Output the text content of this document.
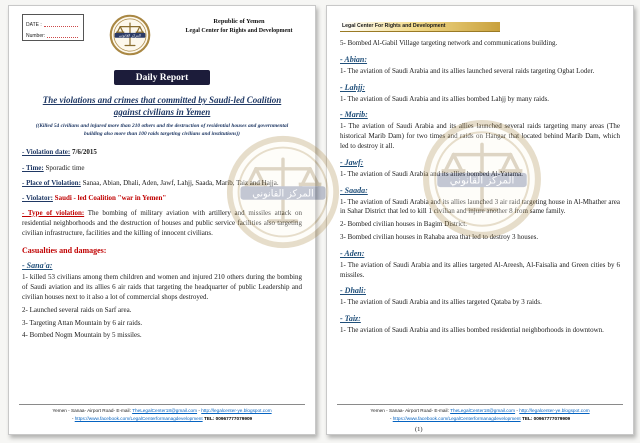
DATE :
Number:	المركز القانوني
Republic of Yemen
Legal Center for Rights and Development
Daily Report
The violations and crimes that committed by Saudi-led Coalition against civilians in Yemen
((Killed 54 civilians and injured more than 210 others and the destruction of residential houses and governmental building also more than 100 raids targeting civilians and institutions))

- Violation date: 7/6/2015

- Time: Sporadic time

- Place of Violation: Sanaa, Abian, Dhali, Aden, Jawf, Lahjj, Saada, Marib, Taiz and Hajja.

- Violator: Saudi - led Coalition "war in Yemen"

- Type of violation: The bombing of military aviation with artillery and missiles attack on residential neighborhoods and the destruction of houses and public service facilities also targeting civilian infrastructure, facilities and the killing of innocent civilians.

Casualties and damages:
- Sana'a:

1- killed 53 civilians among them children and women and injured 210 others during the bombing of Saudi aviation and its allies 6 air raids that targeting the headquarter of public Leadership and civilian houses next to it also a lot of commercial shops destroyed.

2- Launched several raids on Sarf area.

3- Targeting Attan Mountain by 6 air raids.

4- Bombed Nogm Mountain by 5 missiles.

المركز القانوني
Yemen - Sanaa- Airport Road- E-mail: TheLegalCenter18@gmail.com - http://legalcenter-ye.blogspot.com
- https://www.facebook.com/LegalCenterformanagdevelopment TEL: 00967777079909
Legal Center For Rights and Development

5- Bombed Al-Gabil Village targeting network and communications building.

- Abian:

1- The aviation of Saudi Arabia and its allies launched several raids targeting Ogbat Loder.

- Lahjj:

1- The aviation of Saudi Arabia and its allies bombed Lahjj by many raids.

- Marib:

1- The aviation of Saudi Arabia and its allies launched several raids targeting many areas (The historical Marib Dam) for two times and raids on Hangar that located behind Marib Dam, which led to destroy it all.

- Jawf:

1- The aviation of Saudi Arabia and its allies bombed Al-Yatama.

- Saada:

1- The aviation of Saudi Arabia and its allies launched 3 air raid targeting house in Al-Mhather area in Sahar District that led to kill 1 civilian and injure another 8 from same family.

2- Bombed civilian houses in Bagim District.

3- Bombed civilian houses in Rahaba area that led to destroy 3 houses.

- Aden:

1- The aviation of Saudi Arabia and its allies targeted Al-Areesh, Al-Faisalia and Green cities by 6 missiles.

- Dhali:

1- The aviation of Saudi Arabia and its allies targeted Qataba by 3 raids.

- Taiz:

1- The aviation of Saudi Arabia and its allies bombed residential neighborhoods in downtown.

المركز القانوني
Yemen - Sanaa- Airport Road- E-mail: TheLegalCenter18@gmail.com - http://legalcenter-ye.blogspot.com
- https://www.facebook.com/LegalCenterformanagdevelopment TEL: 00967777079909
(1)
